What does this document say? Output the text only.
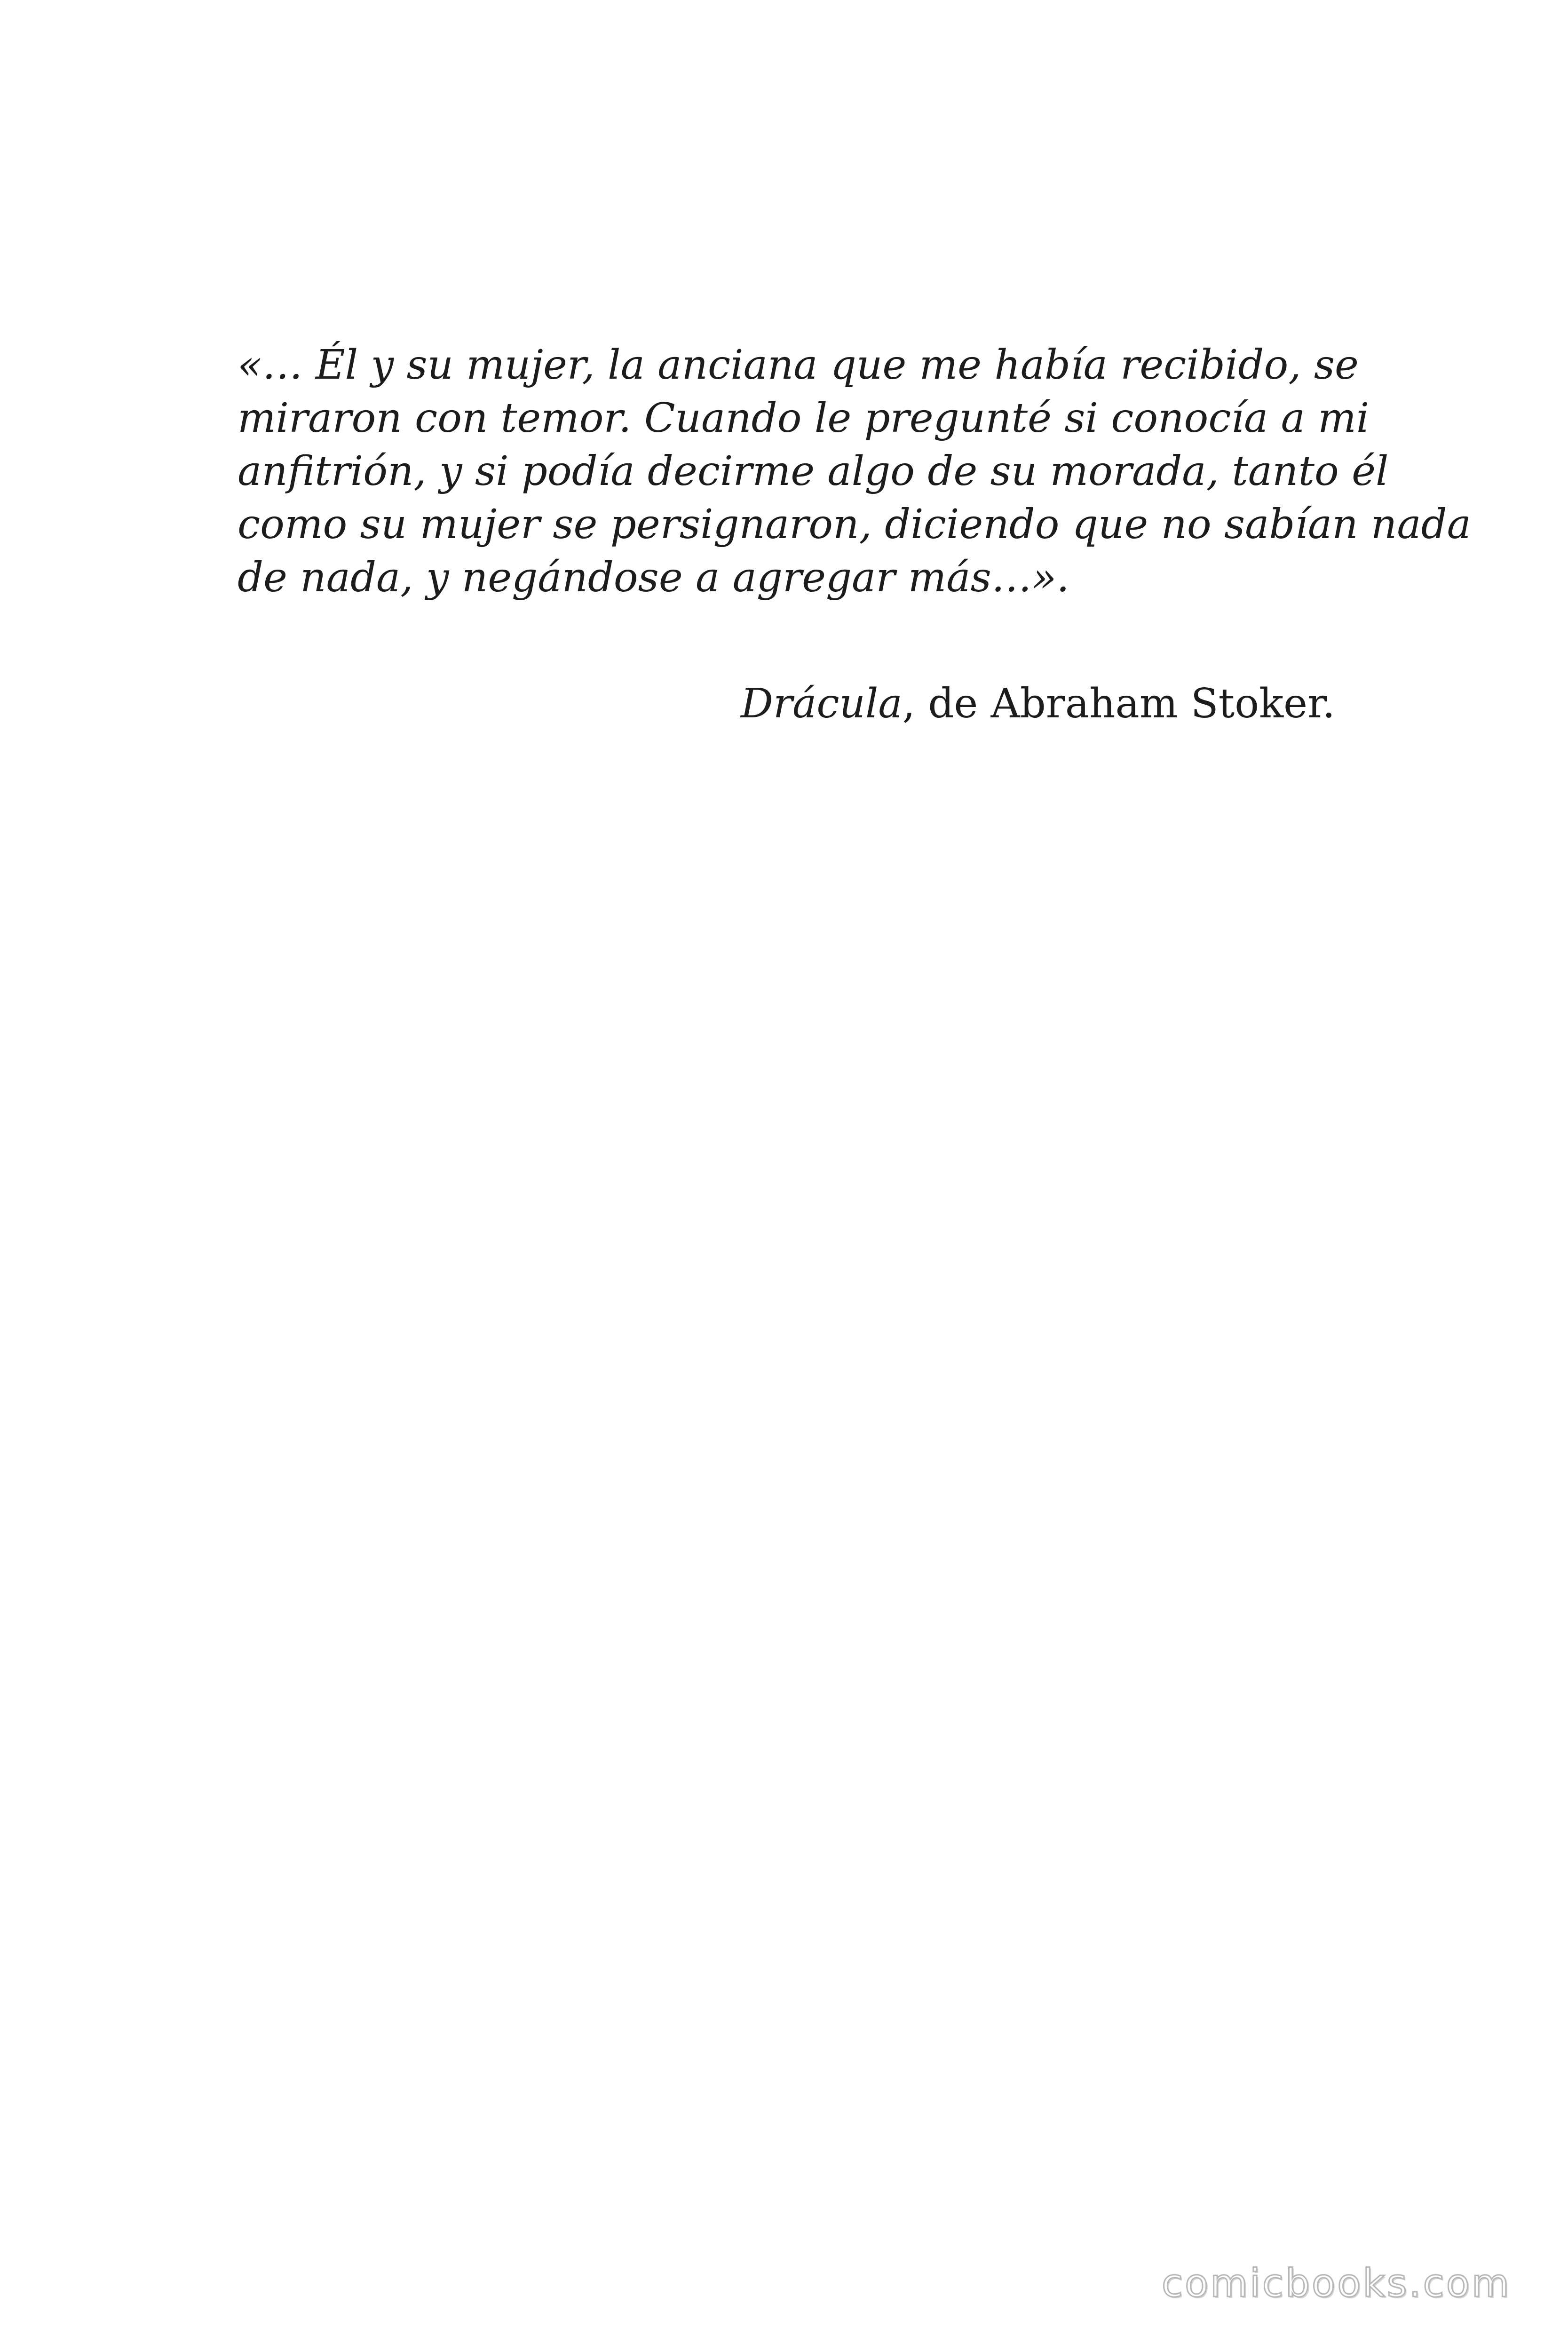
«… Él y su mujer, la anciana que me había recibido, se
miraron con temor. Cuando le pregunté si conocía a mi
anfitrión, y si podía decirme algo de su morada, tanto él
como su mujer se persignaron, diciendo que no sabían nada
de nada, y negándose a agregar más…».

Drácula, de Abraham Stoker.

comicbooks.com
